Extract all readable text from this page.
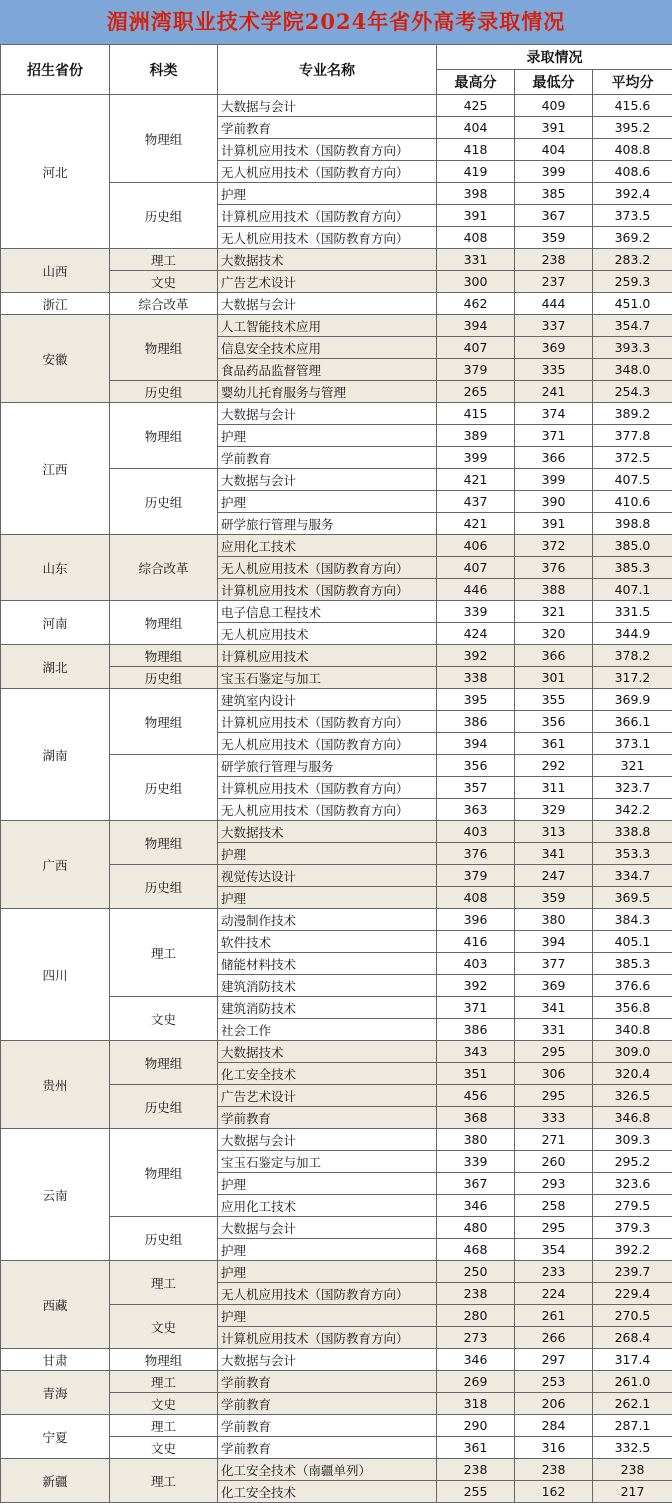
湄洲湾职业技术学院2024年省外高考录取情况
招生省份	科类	专业名称	录取情况		
			最高分	最低分	平均分
河北	物理组	大数据与会计	425	409	415.6
		学前教育	404	391	395.2
		计算机应用技术（国防教育方向）	418	404	408.8
		无人机应用技术（国防教育方向）	419	399	408.6
	历史组	护理	398	385	392.4
		计算机应用技术（国防教育方向）	391	367	373.5
		无人机应用技术（国防教育方向）	408	359	369.2
山西	理工	大数据技术	331	238	283.2
	文史	广告艺术设计	300	237	259.3
浙江	综合改革	大数据与会计	462	444	451.0
安徽	物理组	人工智能技术应用	394	337	354.7
		信息安全技术应用	407	369	393.3
		食品药品监督管理	379	335	348.0
	历史组	婴幼儿托育服务与管理	265	241	254.3
江西	物理组	大数据与会计	415	374	389.2
		护理	389	371	377.8
		学前教育	399	366	372.5
	历史组	大数据与会计	421	399	407.5
		护理	437	390	410.6
		研学旅行管理与服务	421	391	398.8
山东	综合改革	应用化工技术	406	372	385.0
		无人机应用技术（国防教育方向）	407	376	385.3
		计算机应用技术（国防教育方向）	446	388	407.1
河南	物理组	电子信息工程技术	339	321	331.5
		无人机应用技术	424	320	344.9
湖北	物理组	计算机应用技术	392	366	378.2
	历史组	宝玉石鉴定与加工	338	301	317.2
湖南	物理组	建筑室内设计	395	355	369.9
		计算机应用技术（国防教育方向）	386	356	366.1
		无人机应用技术（国防教育方向）	394	361	373.1
	历史组	研学旅行管理与服务	356	292	321
		计算机应用技术（国防教育方向）	357	311	323.7
		无人机应用技术（国防教育方向）	363	329	342.2
广西	物理组	大数据技术	403	313	338.8
		护理	376	341	353.3
	历史组	视觉传达设计	379	247	334.7
		护理	408	359	369.5
四川	理工	动漫制作技术	396	380	384.3
		软件技术	416	394	405.1
		储能材料技术	403	377	385.3
		建筑消防技术	392	369	376.6
	文史	建筑消防技术	371	341	356.8
		社会工作	386	331	340.8
贵州	物理组	大数据技术	343	295	309.0
		化工安全技术	351	306	320.4
	历史组	广告艺术设计	456	295	326.5
		学前教育	368	333	346.8
云南	物理组	大数据与会计	380	271	309.3
		宝玉石鉴定与加工	339	260	295.2
		护理	367	293	323.6
		应用化工技术	346	258	279.5
	历史组	大数据与会计	480	295	379.3
		护理	468	354	392.2
西藏	理工	护理	250	233	239.7
		无人机应用技术（国防教育方向）	238	224	229.4
	文史	护理	280	261	270.5
		计算机应用技术（国防教育方向）	273	266	268.4
甘肃	物理组	大数据与会计	346	297	317.4
青海	理工	学前教育	269	253	261.0
	文史	学前教育	318	206	262.1
宁夏	理工	学前教育	290	284	287.1
	文史	学前教育	361	316	332.5
新疆	理工	化工安全技术（南疆单列）	238	238	238
		化工安全技术	255	162	217
